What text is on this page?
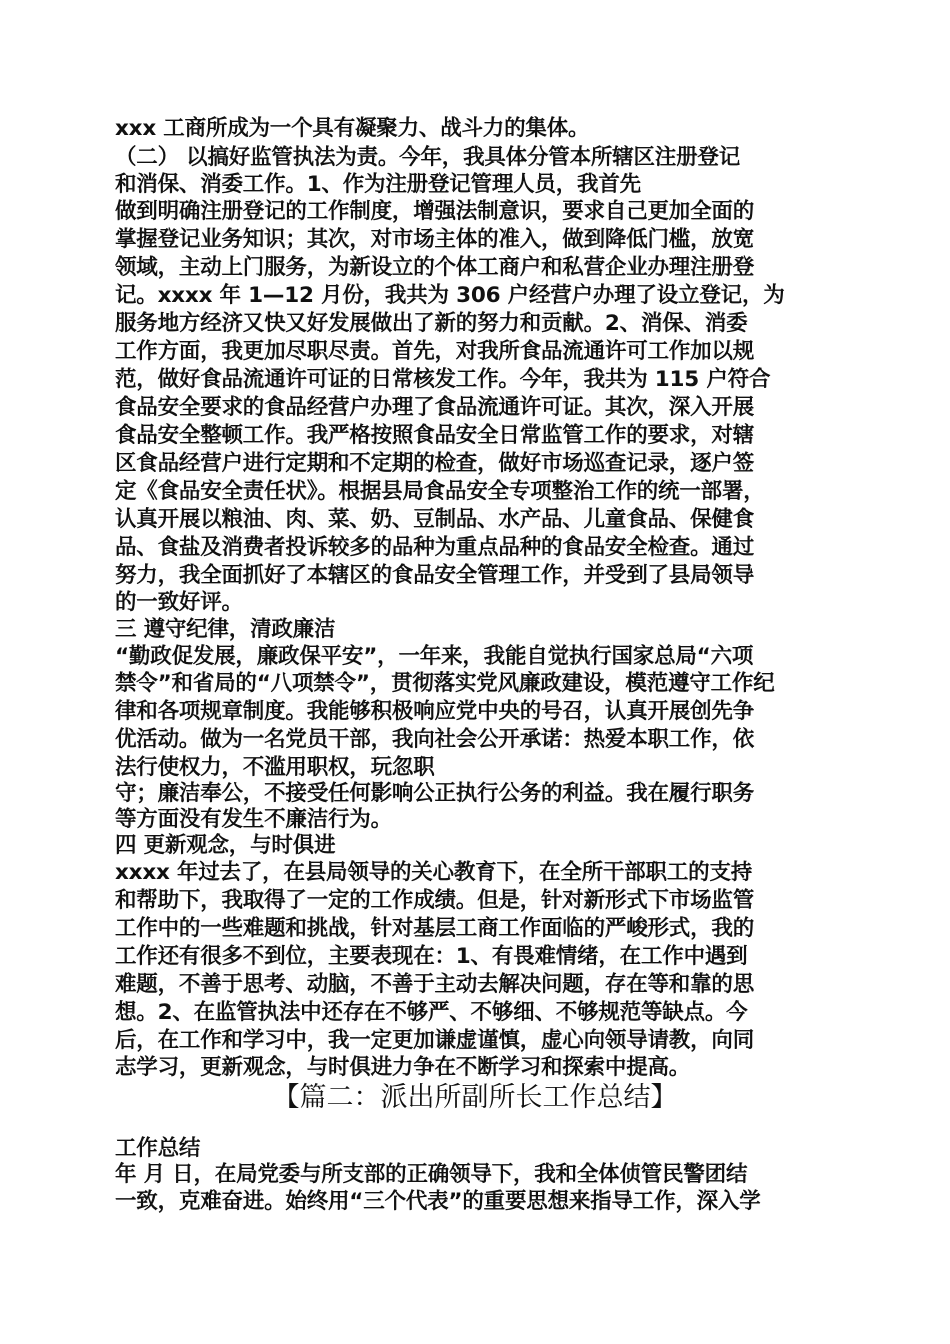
xxx 工商所成为一个具有凝聚力、战斗力的集体。
（二） 以搞好监管执法为责。今年，我具体分管本所辖区注册登记
和消保、消委工作。1、作为注册登记管理人员，我首先
做到明确注册登记的工作制度，增强法制意识，要求自己更加全面的
掌握登记业务知识；其次，对市场主体的准入，做到降低门槛，放宽
领域，主动上门服务，为新设立的个体工商户和私营企业办理注册登
记。xxxx 年 1—12 月份，我共为 306 户经营户办理了设立登记，为
服务地方经济又快又好发展做出了新的努力和贡献。2、消保、消委
工作方面，我更加尽职尽责。首先，对我所食品流通许可工作加以规
范，做好食品流通许可证的日常核发工作。今年，我共为 115 户符合
食品安全要求的食品经营户办理了食品流通许可证。其次，深入开展
食品安全整顿工作。我严格按照食品安全日常监管工作的要求，对辖
区食品经营户进行定期和不定期的检查，做好市场巡查记录，逐户签
定《食品安全责任状》。根据县局食品安全专项整治工作的统一部署，
认真开展以粮油、肉、菜、奶、豆制品、水产品、儿童食品、保健食
品、食盐及消费者投诉较多的品种为重点品种的食品安全检查。通过
努力，我全面抓好了本辖区的食品安全管理工作，并受到了县局领导
的一致好评。
三 遵守纪律，清政廉洁
“勤政促发展，廉政保平安”，一年来，我能自觉执行国家总局“六项
禁令”和省局的“八项禁令”，贯彻落实党风廉政建设，模范遵守工作纪
律和各项规章制度。我能够积极响应党中央的号召，认真开展创先争
优活动。做为一名党员干部，我向社会公开承诺：热爱本职工作，依
法行使权力，不滥用职权，玩忽职
守；廉洁奉公，不接受任何影响公正执行公务的利益。我在履行职务
等方面没有发生不廉洁行为。
四 更新观念，与时俱进
xxxx 年过去了，在县局领导的关心教育下，在全所干部职工的支持
和帮助下，我取得了一定的工作成绩。但是，针对新形式下市场监管
工作中的一些难题和挑战，针对基层工商工作面临的严峻形式，我的
工作还有很多不到位，主要表现在：1、有畏难情绪，在工作中遇到
难题，不善于思考、动脑，不善于主动去解决问题，存在等和靠的思
想。2、在监管执法中还存在不够严、不够细、不够规范等缺点。今
后，在工作和学习中，我一定更加谦虚谨慎，虚心向领导请教，向同
志学习，更新观念，与时俱进力争在不断学习和探索中提高。
【篇二：派出所副所长工作总结】
工作总结
年 月 日，在局党委与所支部的正确领导下，我和全体侦管民警团结
一致，克难奋进。始终用“三个代表”的重要思想来指导工作，深入学
